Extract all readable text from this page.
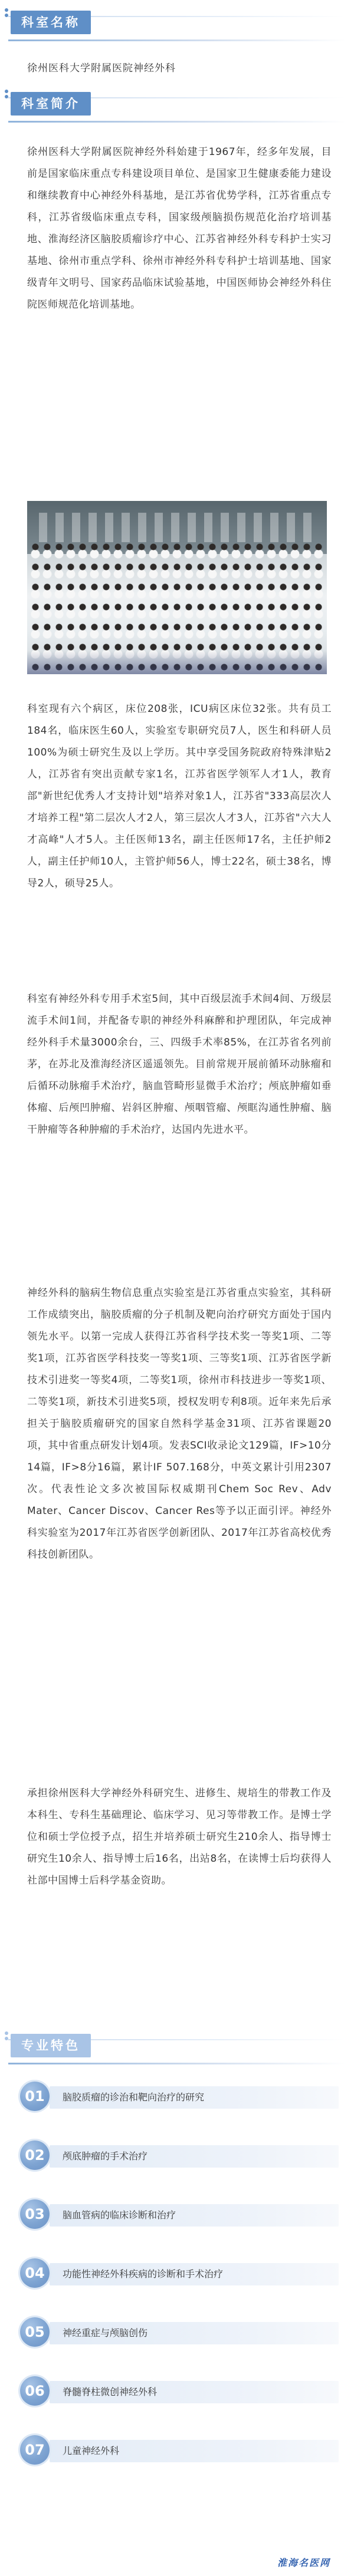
科室名称
徐州医科大学附属医院神经外科
科室简介
徐州医科大学附属医院神经外科始建于1967年，经多年发展，目前是国家临床重点专科建设项目单位、是国家卫生健康委能力建设和继续教育中心神经外科基地，是江苏省优势学科，江苏省重点专科，江苏省级临床重点专科，国家级颅脑损伤规范化治疗培训基地、淮海经济区脑胶质瘤诊疗中心、江苏省神经外科专科护士实习基地、徐州市重点学科、徐州市神经外科专科护士培训基地、国家级青年文明号、国家药品临床试验基地，中国医师协会神经外科住院医师规范化培训基地。
科室现有六个病区，床位208张，ICU病区床位32张。共有员工184名，临床医生60人，实验室专职研究员7人，医生和科研人员100%为硕士研究生及以上学历。其中享受国务院政府特殊津贴2人，江苏省有突出贡献专家1名，江苏省医学领军人才1人，教育部"新世纪优秀人才支持计划"培养对象1人，江苏省"333高层次人才培养工程"第二层次人才2人，第三层次人才3人，江苏省"六大人才高峰"人才5人。主任医师13名，副主任医师17名，主任护师2人，副主任护师10人，主管护师56人，博士22名，硕士38名，博导2人，硕导25人。
科室有神经外科专用手术室5间，其中百级层流手术间4间、万级层流手术间1间，并配备专职的神经外科麻醉和护理团队，年完成神经外科手术量3000余台，三、四级手术率85%，在江苏省名列前茅，在苏北及淮海经济区遥遥领先。目前常规开展前循环动脉瘤和后循环动脉瘤手术治疗，脑血管畸形显微手术治疗；颅底肿瘤如垂体瘤、后颅凹肿瘤、岩斜区肿瘤、颅咽管瘤、颅眶沟通性肿瘤、脑干肿瘤等各种肿瘤的手术治疗，达国内先进水平。
神经外科的脑病生物信息重点实验室是江苏省重点实验室，其科研工作成绩突出，脑胶质瘤的分子机制及靶向治疗研究方面处于国内领先水平。以第一完成人获得江苏省科学技术奖一等奖1项、二等奖1项，江苏省医学科技奖一等奖1项、三等奖1项、江苏省医学新技术引进奖一等奖4项，二等奖1项，徐州市科技进步一等奖1项、二等奖1项，新技术引进奖5项，授权发明专利8项。近年来先后承担关于脑胶质瘤研究的国家自然科学基金31项、江苏省课题20项，其中省重点研发计划4项。发表SCI收录论文129篇，IF>10分14篇，IF>8分16篇，累计IF 507.168分，中英文累计引用2307次。代表性论文多次被国际权威期刊Chem Soc Rev、Adv Mater、Cancer Discov、Cancer Res等予以正面引评。神经外科实验室为2017年江苏省医学创新团队、2017年江苏省高校优秀科技创新团队。
承担徐州医科大学神经外科研究生、进修生、规培生的带教工作及本科生、专科生基础理论、临床学习、见习等带教工作。是博士学位和硕士学位授予点，招生并培养硕士研究生210余人、指导博士研究生10余人、指导博士后16名，出站8名，在读博士后均获得人社部中国博士后科学基金资助。
专业特色
01	脑胶质瘤的诊治和靶向治疗的研究
02	颅底肿瘤的手术治疗
03	脑血管病的临床诊断和治疗
04	功能性神经外科疾病的诊断和手术治疗
05	神经重症与颅脑创伤
06	脊髓脊柱微创神经外科
07	儿童神经外科
淮海名医网
